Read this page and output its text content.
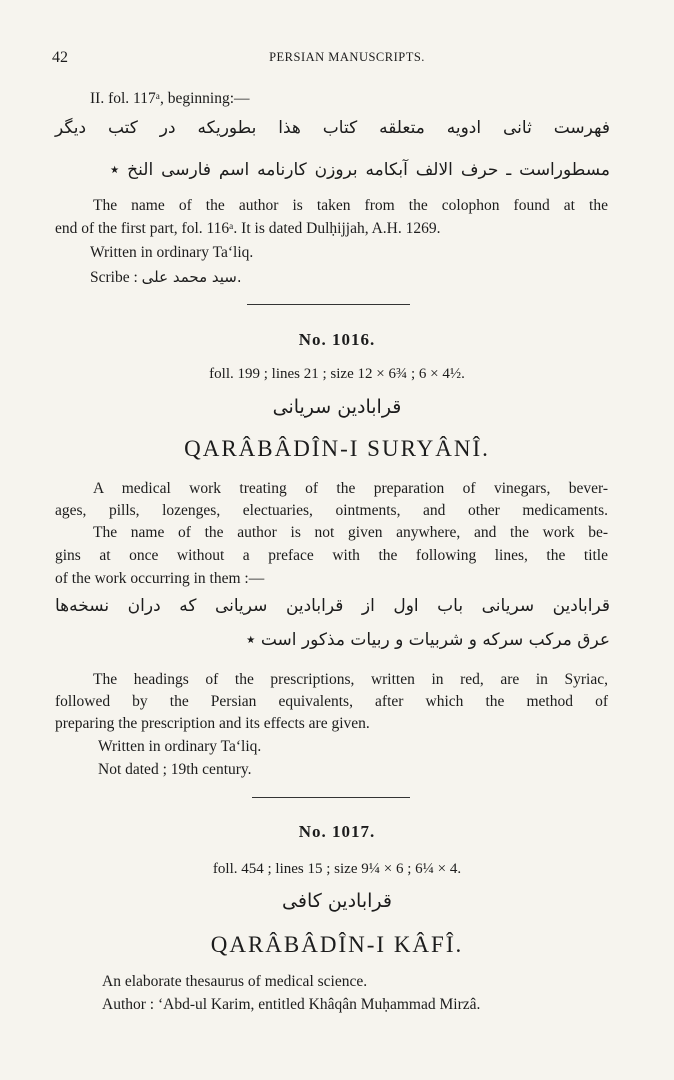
42	PERSIAN MANUSCRIPTS.
II. fol. 117ᵃ, beginning:—
فهرست ثانی ادویه متعلقه کتاب هذا بطوریکه در کتب دیگر
مسطوراست ـ حرف الالف آبکامه بروزن کارنامه اسم فارسی النخ ٭
The name of the author is taken from the colophon found at the
end of the first part, fol. 116ᵃ. It is dated Dulḥijjah, A.H. 1269.
Written in ordinary Ta‘liq.
Scribe : سید محمد علی.
No. 1016.
foll. 199 ; lines 21 ; size 12 × 6¾ ; 6 × 4½.
قرابادین سریانی
QARÂBÂDÎN-I SURYÂNÎ.
A medical work treating of the preparation of vinegars, bever-
ages, pills, lozenges, electuaries, ointments, and other medicaments.
The name of the author is not given anywhere, and the work be-
gins at once without a preface with the following lines, the title
of the work occurring in them :—
قرابادین سریانی باب اول از قرابادین سریانی که دران نسخه‌ها
عرق مرکب سرکه و شربیات و ربیات مذکور است ٭
The headings of the prescriptions, written in red, are in Syriac,
followed by the Persian equivalents, after which the method of
preparing the prescription and its effects are given.
Written in ordinary Ta‘liq.
Not dated ; 19th century.
No. 1017.
foll. 454 ; lines 15 ; size 9¼ × 6 ; 6¼ × 4.
قرابادین کافی
QARÂBÂDÎN-I KÂFÎ.
An elaborate thesaurus of medical science.
Author : ‘Abd-ul Karim, entitled Khâqân Muḥammad Mirzâ.
